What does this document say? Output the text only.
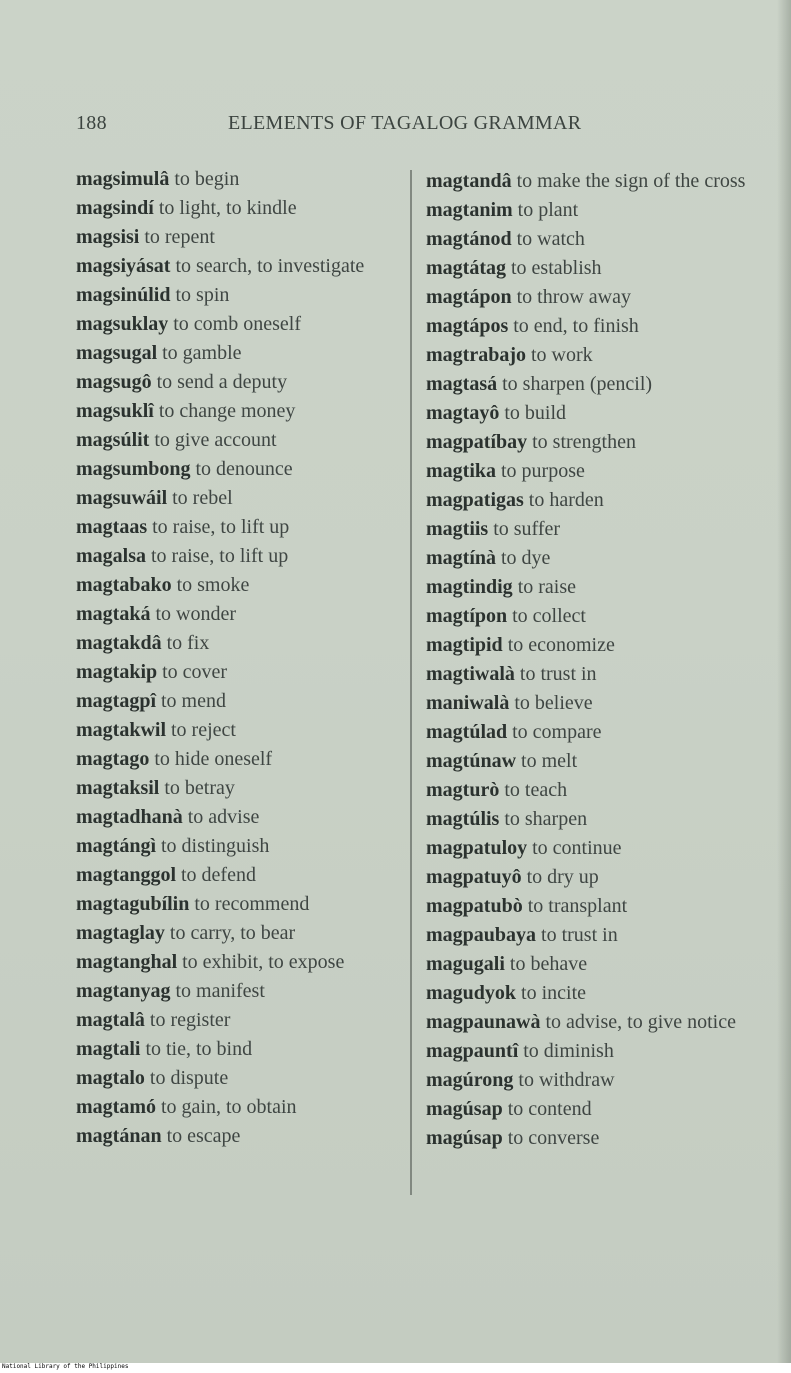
188	ELEMENTS OF TAGALOG GRAMMAR
magsimulâ to begin
magsindí to light, to kindle
magsisi to repent
magsiyásat to search, to investigate
magsinúlid to spin
magsuklay to comb oneself
magsugal to gamble
magsugô to send a deputy
magsuklî to change money
magsúlit to give account
magsumbong to denounce
magsuwáil to rebel
magtaas to raise, to lift up
magalsa to raise, to lift up
magtabako to smoke
magtaká to wonder
magtakdâ to fix
magtakip to cover
magtagpî to mend
magtakwil to reject
magtago to hide oneself
magtaksil to betray
magtadhanà to advise
magtángì to distinguish
magtanggol to defend
magtagubílin to recommend
magtaglay to carry, to bear
magtanghal to exhibit, to expose
magtanyag to manifest
magtalâ to register
magtali to tie, to bind
magtalo to dispute
magtamó to gain, to obtain
magtánan to escape
magtandâ to make the sign of the cross
magtanim to plant
magtánod to watch
magtátag to establish
magtápon to throw away
magtápos to end, to finish
magtrabajo to work
magtasá to sharpen (pencil)
magtayô to build
magpatíbay to strengthen
magtika to purpose
magpatigas to harden
magtiis to suffer
magtínà to dye
magtindig to raise
magtípon to collect
magtipid to economize
magtiwalà to trust in
maniwalà to believe
magtúlad to compare
magtúnaw to melt
magturò to teach
magtúlis to sharpen
magpatuloy to continue
magpatuyô to dry up
magpatubò to transplant
magpaubaya to trust in
magugali to behave
magudyok to incite
magpaunawà to advise, to give notice
magpauntî to diminish
magúrong to withdraw
magúsap to contend
magúsap to converse
National Library of the Philippines
